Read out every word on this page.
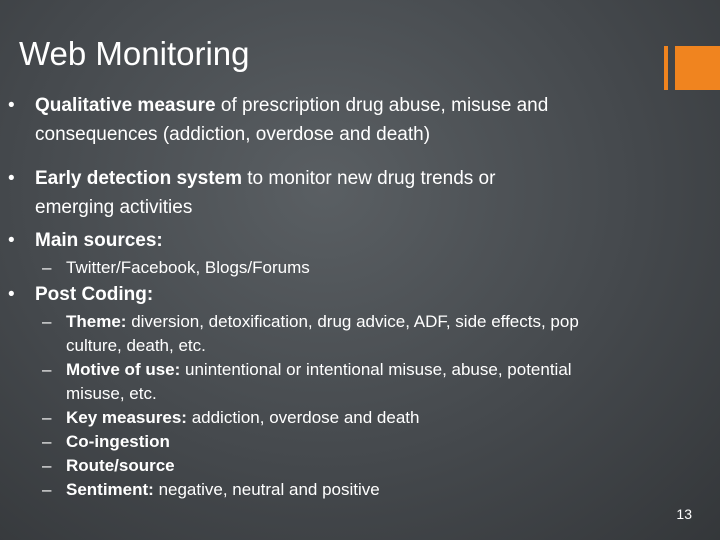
Web Monitoring
•	Qualitative measure of prescription drug abuse, misuse and
consequences (addiction, overdose and death)
•	Early detection system to monitor new drug trends or
emerging activities
•	Main sources:
– Twitter/Facebook, Blogs/Forums
•	Post Coding:
– Theme: diversion, detoxification, drug advice, ADF, side effects, pop
culture, death, etc.
– Motive of use: unintentional or intentional misuse, abuse, potential
misuse, etc.
– Key measures: addiction, overdose and death
– Co-ingestion
– Route/source
– Sentiment: negative, neutral and positive
13
